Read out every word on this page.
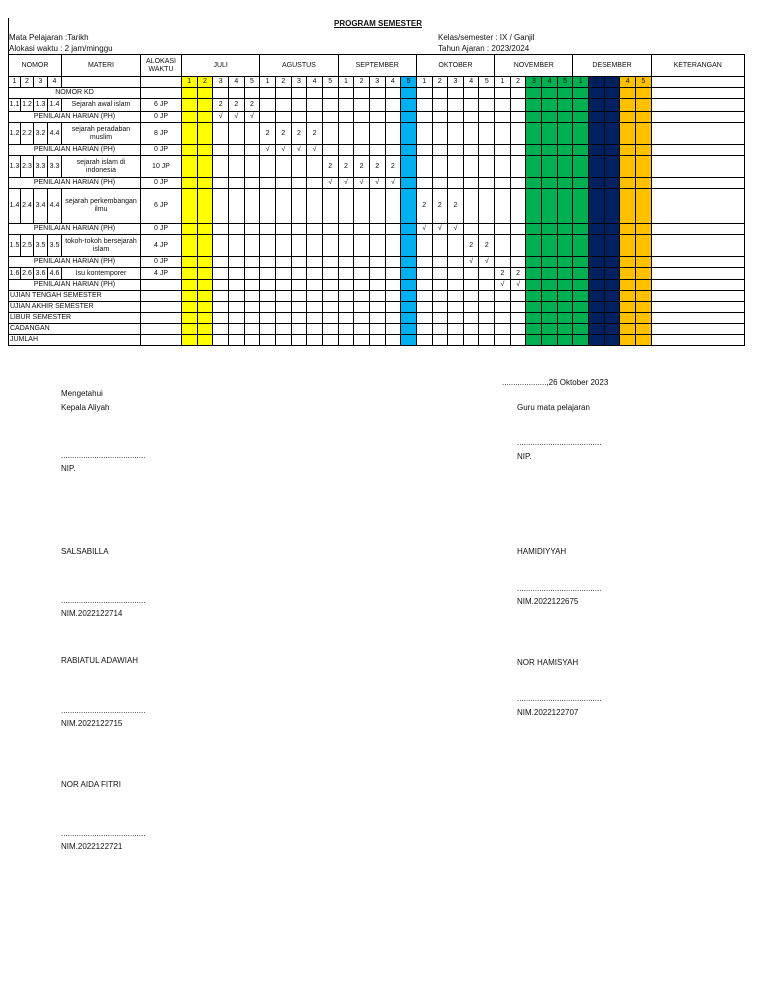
PROGRAM SEMESTER
Mata Pelajaran :Tarikh
Alokasi waktu : 2 jam/minggu
Kelas/semester : IX / Ganjil
Tahun Ajaran : 2023/2024
NOMOR				MATERI	ALOKASI WAKTU	JULI					AGUSTUS					SEPTEMBER					OKTOBER					NOVEMBER					DESEMBER					KETERANGAN
1	2	3	4			1	2	3	4	5	1	2	3	4	5	1	2	3	4	5	1	2	3	4	5	1	2	3	4	5	1	2	3	4	5	
NOMOR KD																																				
1.1	1.2	1.3	1.4	Sejarah awal islam	6 JP			2	2	2																										
PENILAIAN HARIAN (PH)					0 JP			√	√	√																										
1.2	2.2	3.2	4.4	sejarah peradaban muslim	8 JP						2	2	2	2																						
PENILAIAN HARIAN (PH)					0 JP						√	√	√	√																						
1.3	2.3	3.3	3.3	sejarah islam di indonesia	10 JP										2	2	2	2	2																	
PENILAIAN HARIAN (PH)					0 JP										√	√	√	√	√																	
1.4	2.4	3.4	4.4	sejarah perkembangan ilmu	6 JP																2	2	2													
PENILAIAN HARIAN (PH)					0 JP																√	√	√													
1.5	2.5	3.5	3.5	tokoh-tokoh bersejarah islam	4 JP																			2	2											
PENILAIAN HARIAN (PH)					0 JP																			√	√											
1.6	2.6	3.6	4.6	Isu kontemporer	4 JP																					2	2									
PENILAIAN HARIAN (PH)																										√	√									
UJIAN TENGAH SEMESTER																																				
UJIAN AKHIR SEMESTER																																				
LIBUR SEMESTER																																				
CADANGAN																																				
JUMLAH																																				
....................,26 Oktober 2023
Mengetahui
Kepala Aliyah	Guru mata pelajaran
......................................
NIP.
......................................
NIP.
SALSABILLA	HAMIDIYYAH
......................................
NIM.2022122675
......................................
NIM.2022122714
RABIATUL ADAWIAH	NOR HAMISYAH
......................................
NIM.2022122707
......................................
NIM.2022122715
NOR AIDA FITRI
......................................
NIM.2022122721
